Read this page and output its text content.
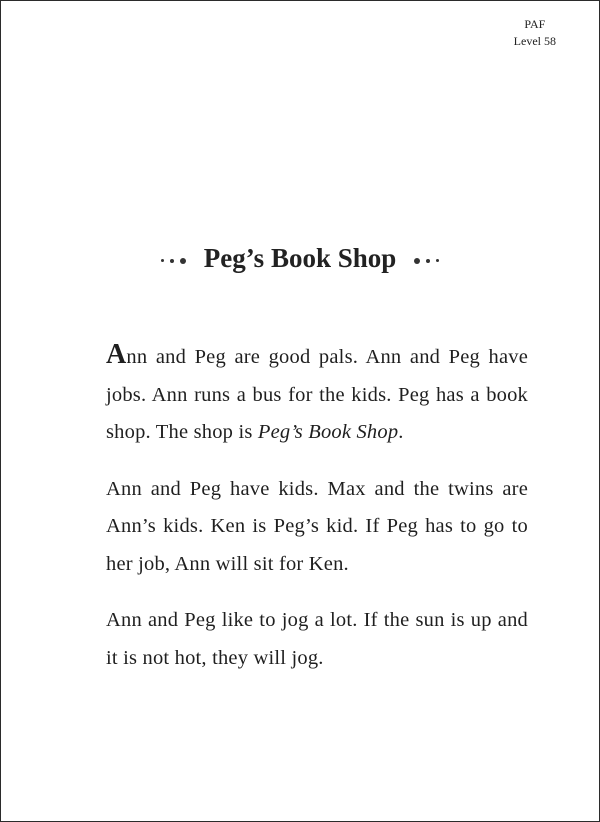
PAF
Level 58
Peg’s Book Shop

Ann and Peg are good pals. Ann and Peg have jobs. Ann runs a bus for the kids. Peg has a book shop. The shop is Peg’s Book Shop.

Ann and Peg have kids. Max and the twins are Ann’s kids. Ken is Peg’s kid. If Peg has to go to her job, Ann will sit for Ken.

Ann and Peg like to jog a lot. If the sun is up and it is not hot, they will jog.
